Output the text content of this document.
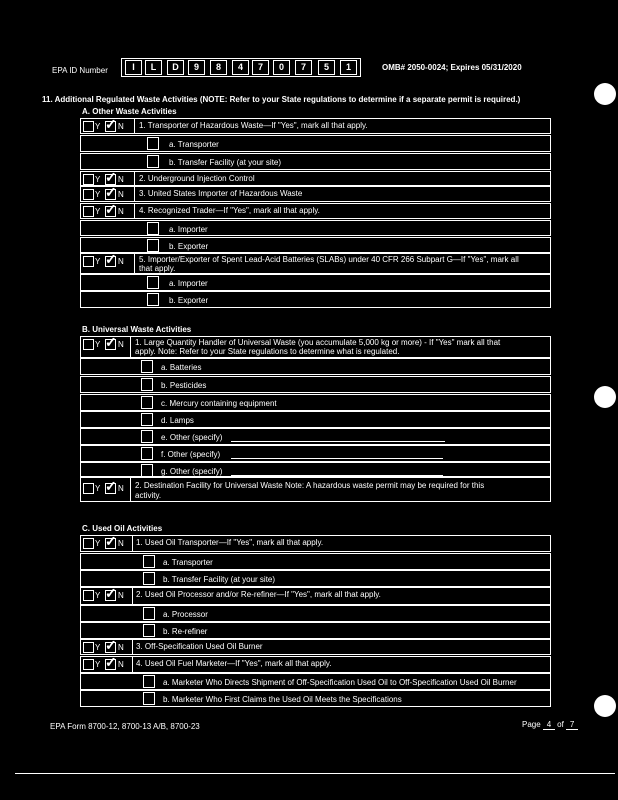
EPA ID Number	I	L	D	9	8	4	7	0	7	5	1	OMB# 2050-0024; Expires 05/31/2020
11. Additional Regulated Waste Activities (NOTE: Refer to your State regulations to determine if a separate permit is required.)
A. Other Waste Activities
Y ✓ N 1. Transporter of Hazardous Waste—If "Yes", mark all that apply.
a. Transporter
b. Transfer Facility (at your site)
Y ✓ N 2. Underground Injection Control
Y ✓ N 3. United States Importer of Hazardous Waste
Y ✓ N 4. Recognized Trader—If "Yes", mark all that apply.
a. Importer
b. Exporter
Y ✓ N 5. Importer/Exporter of Spent Lead-Acid Batteries (SLABs) under 40 CFR 266 Subpart G—If "Yes", mark all
that apply.
a. Importer
b. Exporter
B. Universal Waste Activities
Y ✓ N 1. Large Quantity Handler of Universal Waste (you accumulate 5,000 kg or more) - If "Yes" mark all that
apply. Note: Refer to your State regulations to determine what is regulated.
a. Batteries
b. Pesticides
c. Mercury containing equipment
d. Lamps
e. Other (specify)
f. Other (specify)
g. Other (specify)
Y ✓ N 2. Destination Facility for Universal Waste Note: A hazardous waste permit may be required for this
activity.
C. Used Oil Activities
Y ✓ N 1. Used Oil Transporter—If "Yes", mark all that apply.
a. Transporter
b. Transfer Facility (at your site)
Y ✓ N 2. Used Oil Processor and/or Re-refiner—If "Yes", mark all that apply.
a. Processor
b. Re-refiner
Y ✓ N 3. Off-Specification Used Oil Burner
Y ✓ N 4. Used Oil Fuel Marketer—If "Yes", mark all that apply.
a. Marketer Who Directs Shipment of Off-Specification Used Oil to Off-Specification Used Oil Burner
b. Marketer Who First Claims the Used Oil Meets the Specifications
EPA Form 8700-12, 8700-13 A/B, 8700-23	Page 4 of 7
